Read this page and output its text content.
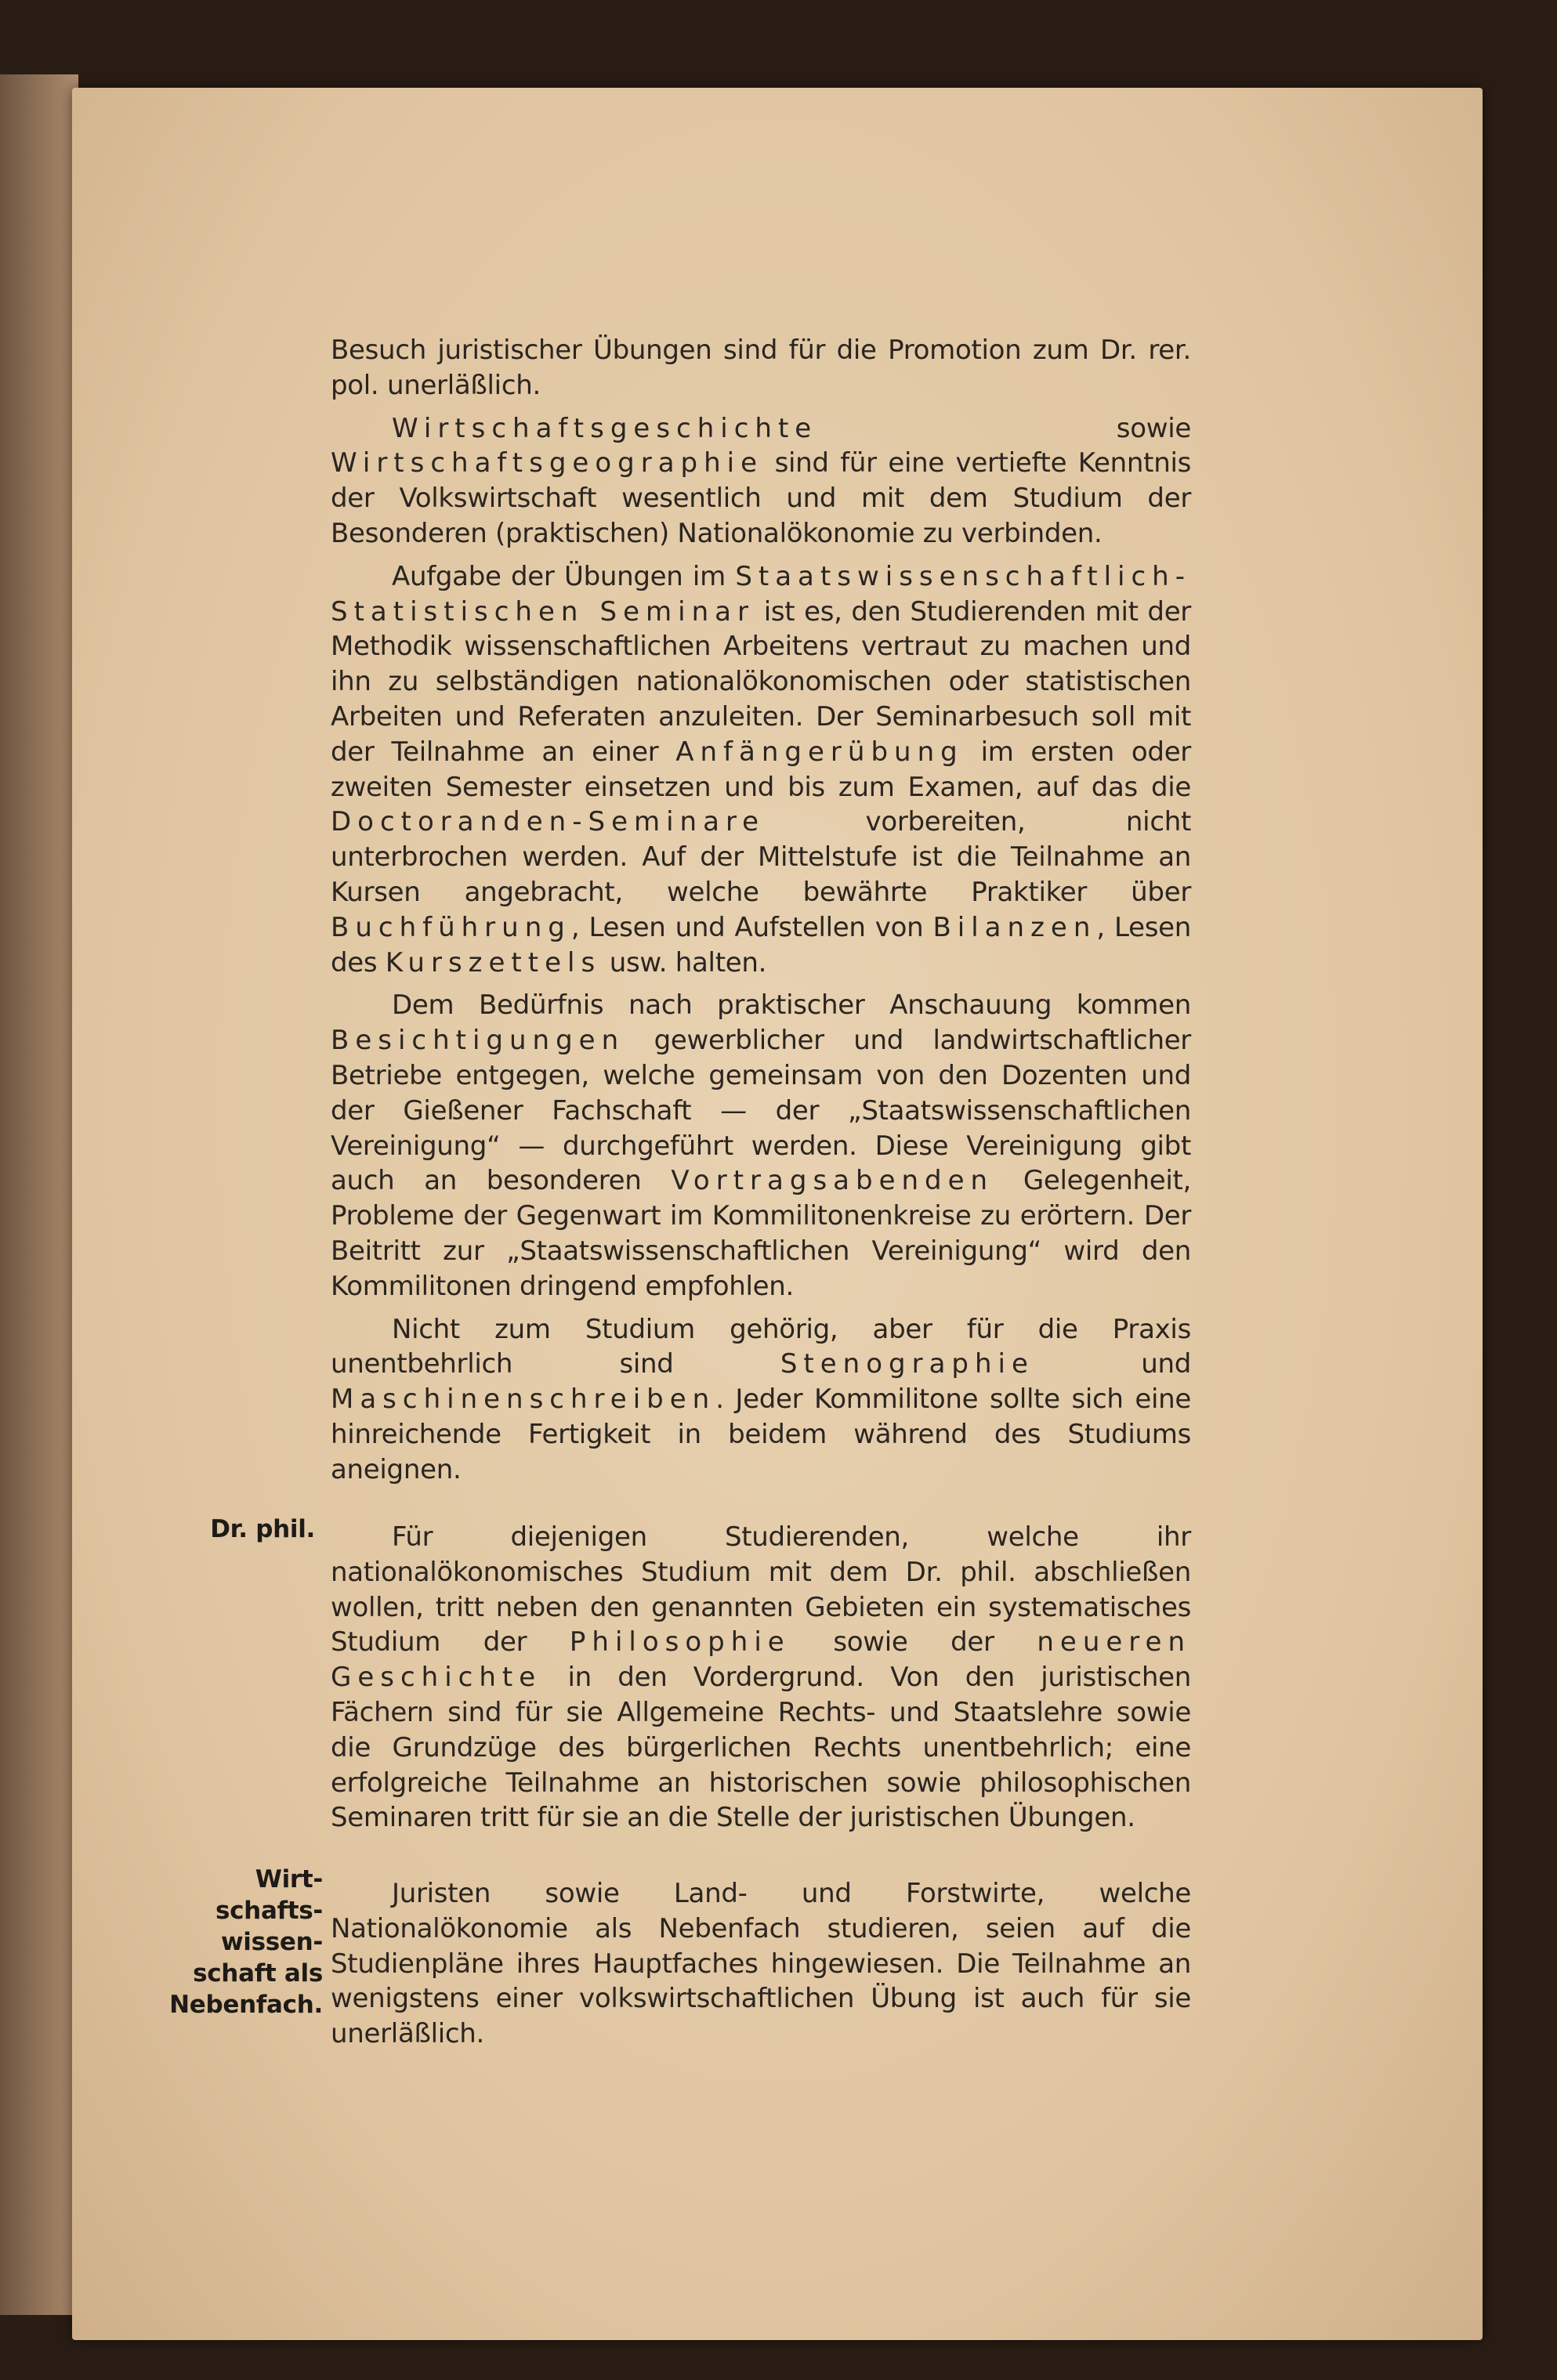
Besuch juristischer Übungen sind für die Promotion zum Dr. rer. pol. unerläßlich.

Wirtschaftsgeschichte sowie Wirtschaftsgeographie sind für eine vertiefte Kenntnis der Volkswirtschaft wesentlich und mit dem Studium der Besonderen (praktischen) Nationalökonomie zu verbinden.

Aufgabe der Übungen im Staatswissenschaftlich-Statistischen Seminar ist es, den Studierenden mit der Methodik wissenschaftlichen Arbeitens vertraut zu machen und ihn zu selbständigen nationalökonomischen oder statistischen Arbeiten und Referaten anzuleiten. Der Seminarbesuch soll mit der Teilnahme an einer Anfängerübung im ersten oder zweiten Semester einsetzen und bis zum Examen, auf das die Doctoranden-Seminare vorbereiten, nicht unterbrochen werden. Auf der Mittelstufe ist die Teilnahme an Kursen angebracht, welche bewährte Praktiker über Buchführung, Lesen und Aufstellen von Bilanzen, Lesen des Kurszettels usw. halten.

Dem Bedürfnis nach praktischer Anschauung kommen Besichtigungen gewerblicher und landwirtschaftlicher Betriebe entgegen, welche gemeinsam von den Dozenten und der Gießener Fachschaft — der „Staatswissenschaftlichen Vereinigung“ — durchgeführt werden. Diese Vereinigung gibt auch an besonderen Vortragsabenden Gelegenheit, Probleme der Gegenwart im Kommilitonenkreise zu erörtern. Der Beitritt zur „Staatswissenschaftlichen Vereinigung“ wird den Kommilitonen dringend empfohlen.

Nicht zum Studium gehörig, aber für die Praxis unentbehrlich sind Stenographie und Maschinenschreiben. Jeder Kommilitone sollte sich eine hinreichende Fertigkeit in beidem während des Studiums aneignen.

Dr. phil.	Für diejenigen Studierenden, welche ihr nationalökonomisches Studium mit dem Dr. phil. abschließen wollen, tritt neben den genannten Gebieten ein systematisches Studium der Philosophie sowie der neueren Geschichte in den Vordergrund. Von den juristischen Fächern sind für sie Allgemeine Rechts- und Staatslehre sowie die Grundzüge des bürgerlichen Rechts unentbehrlich; eine erfolgreiche Teilnahme an historischen sowie philosophischen Seminaren tritt für sie an die Stelle der juristischen Übungen.

Wirt-
schafts-
wissen-
schaft als
Nebenfach.

Juristen sowie Land- und Forstwirte, welche Nationalökonomie als Nebenfach studieren, seien auf die Studienpläne ihres Hauptfaches hingewiesen. Die Teilnahme an wenigstens einer volkswirtschaftlichen Übung ist auch für sie unerläßlich.
